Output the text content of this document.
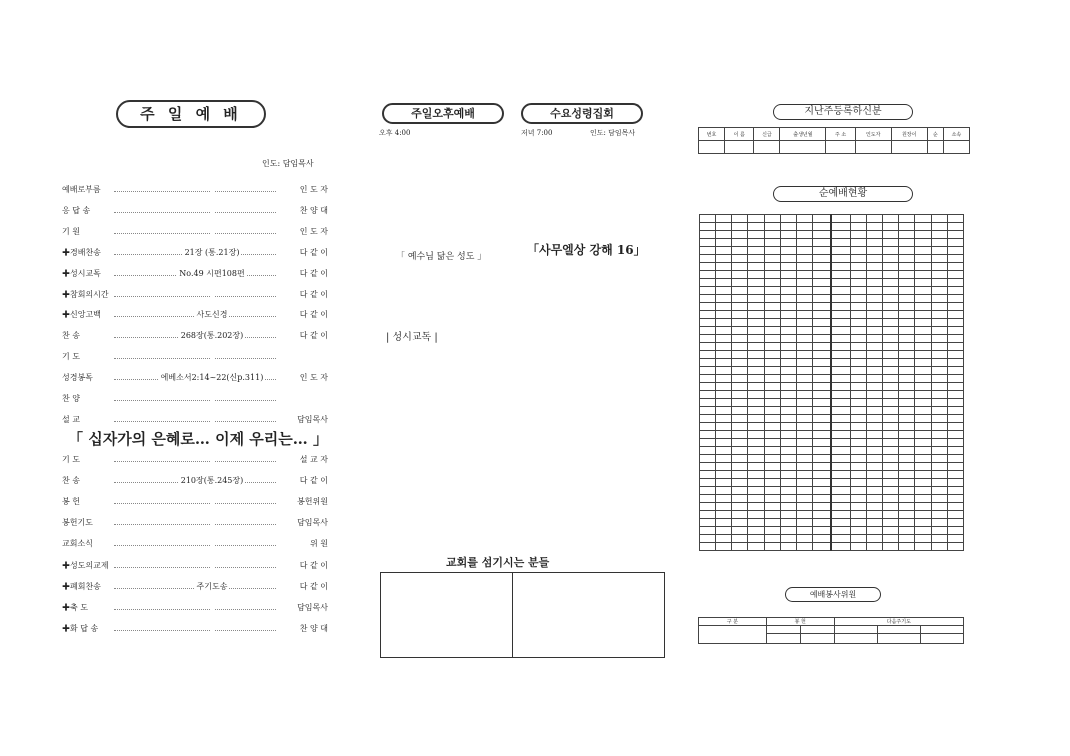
주 일 예 배
인도: 담임목사
예배로부름	인 도 자
응 답 송	찬 양 대
기 원	인 도 자
✚경배찬송	21장 (통.21장)	다 같 이
✚성시교독	No.49 시편108편	다 같 이
✚참회의시간	다 같 이
✚신앙고백	사도신경	다 같 이
찬 송	268장(통.202장)	다 같 이
기 도
성경봉독	에베소서2:14~22(신p.311)	인 도 자
찬 양
설 교	담임목사
「 십자가의 은혜로… 이제 우리는… 」
기 도	설 교 자
찬 송	210장(통.245장)	다 같 이
봉 헌	봉헌위원
봉헌기도	담임목사
교회소식	위 원
✚성도의교제	다 같 이
✚폐회찬송	주기도송	다 같 이
✚축 도	담임목사
✚화 답 송	찬 양 대
주일오후예배	수요성령집회
오후 4:00	저녁 7:00	인도: 담임목사
「 예수님 닮은 성도 」	「사무엘상 강해 16」
| 성시교독 |
교회를 섬기시는 분들
지난주등록하신분
번호	이 름	신급	출생년월	주 소	인도자	원장이	순	소속

순예배현황

예배봉사위원
구 분	봉 헌		다음주기도		
